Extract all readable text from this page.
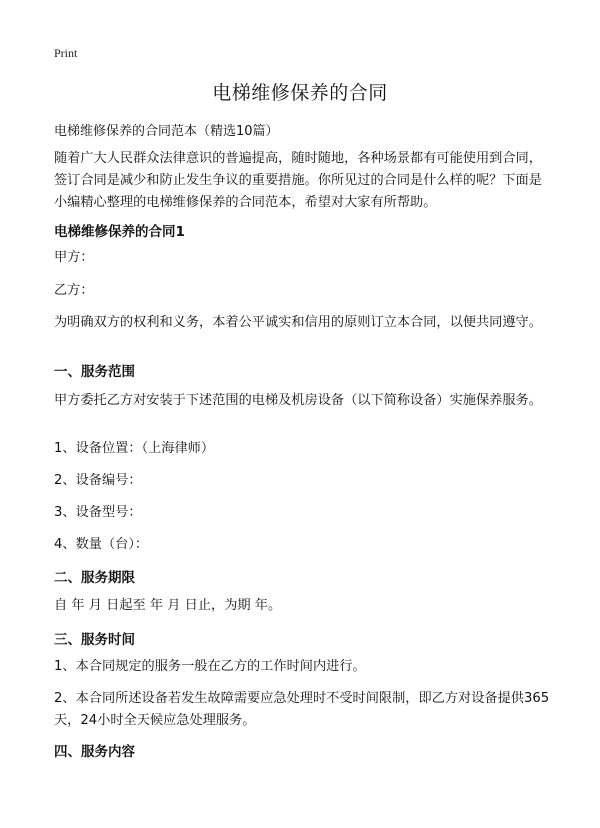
Print
电梯维修保养的合同
电梯维修保养的合同范本（精选10篇）

随着广大人民群众法律意识的普遍提高，随时随地，各种场景都有可能使用到合同，签订合同是减少和防止发生争议的重要措施。你所见过的合同是什么样的呢？下面是小编精心整理的电梯维修保养的合同范本，希望对大家有所帮助。

电梯维修保养的合同1

甲方：

乙方：

为明确双方的权利和义务，本着公平诚实和信用的原则订立本合同，以便共同遵守。

一、服务范围

甲方委托乙方对安装于下述范围的电梯及机房设备（以下简称设备）实施保养服务。

1、设备位置：（上海律师）

2、设备编号：

3、设备型号：

4、数量（台）：

二、服务期限

自 年 月 日起至 年 月 日止，为期 年。

三、服务时间

1、本合同规定的服务一般在乙方的工作时间内进行。

2、本合同所述设备若发生故障需要应急处理时不受时间限制，即乙方对设备提供365天，24小时全天候应急处理服务。

四、服务内容
